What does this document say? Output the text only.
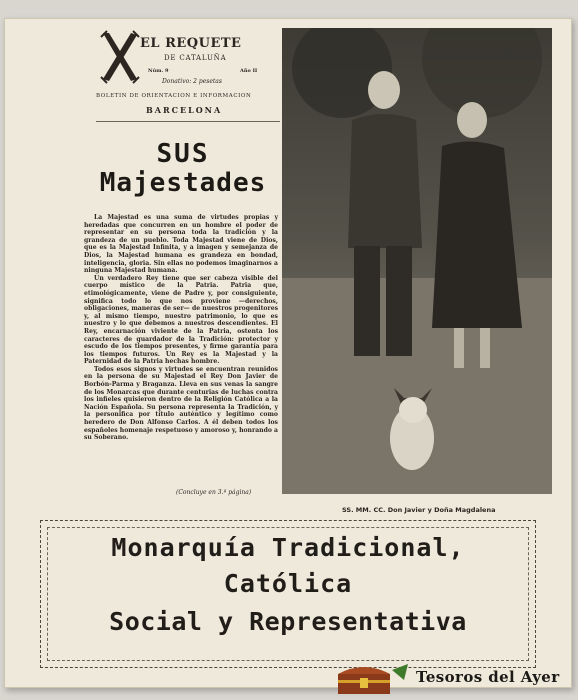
EL REQUETE
DE CATALUÑA
Núm. 9	Año II
Donativo: 2 pesetas
BOLETIN DE ORIENTACION E INFORMACION
BARCELONA
SUS
Majestades

La Majestad es una suma de virtudes propias y heredadas que concurren en un hombre el poder de representar en su persona toda la tradición y la grandeza de un pueblo. Toda Majestad viene de Dios, que es la Majestad Infinita, y a imagen y semejanza de Dios, la Majestad humana es grandeza en bondad, inteligencia, gloria. Sin ellas no podemos imaginarnos a ninguna Majestad humana.

Un verdadero Rey tiene que ser cabeza visible del cuerpo místico de la Patria. Patria que, etimológicamente, viene de Padre y, por consiguiente, significa todo lo que nos proviene —derechos, obligaciones, maneras de ser— de nuestros progenitores y, al mismo tiempo, nuestro patrimonio, lo que es nuestro y lo que debemos a nuestros descendientes. El Rey, encarnación viviente de la Patria, ostenta los caracteres de guardador de la Tradición: protector y escudo de los tiempos presentes, y firme garantía para los tiempos futuros. Un Rey es la Majestad y la Paternidad de la Patria hechas hombre.

Todos esos signos y virtudes se encuentran reunidos en la persona de su Majestad el Rey Don Javier de Borbón-Parma y Braganza. Lleva en sus venas la sangre de los Monarcas que durante centurias de luchas contra los infieles quisieron dentro de la Religión Católica a la Nación Española. Su persona representa la Tradición, y la personifica por título auténtico y legítimo como heredero de Don Alfonso Carlos. A él deben todos los españoles homenaje respetuoso y amoroso y, honrando a su Soberano.

(Concluye en 3.ª página)
SS. MM. CC. Don Javier y Doña Magdalena
Monarquía Tradicional,
Católica
Social y Representativa
Tesoros del Ayer
